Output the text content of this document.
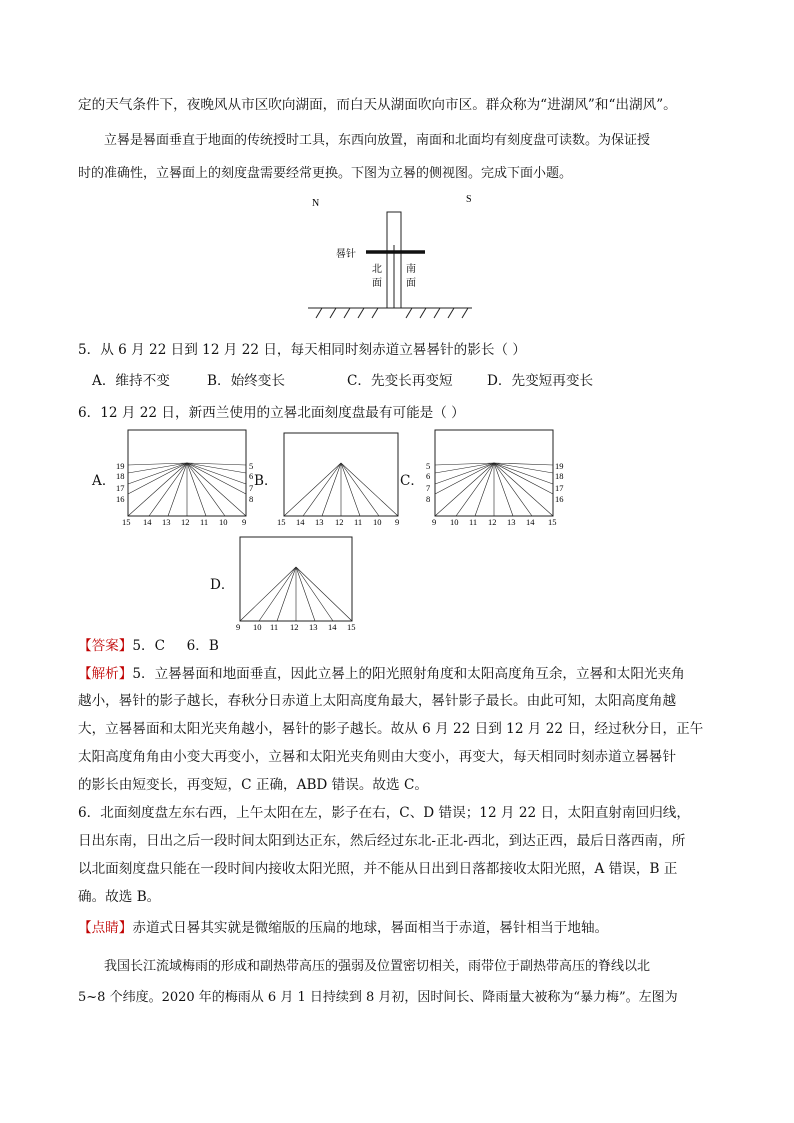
定的天气条件下，夜晚风从市区吹向湖面，而白天从湖面吹向市区。群众称为“进湖风”和“出湖风”。
立晷是晷面垂直于地面的传统授时工具，东西向放置，南面和北面均有刻度盘可读数。为保证授
时的准确性，立晷面上的刻度盘需要经常更换。下图为立晷的侧视图。完成下面小题。
N	S
晷针
北
面
南
面
5．从 6 月 22 日到 12 月 22 日，每天相同时刻赤道立晷晷针的影长（ ）
A．维持不变	B．始终变长	C．先变长再变短	D．先变短再变长
6．12 月 22 日，新西兰使用的立晷北面刻度盘最有可能是（ ）
A．
19
18
17
16
5
6
7
8
15 14 13 12 11 10 9
B．
15 14 13 12 11 10 9
C．
5
6
7
8
19
18
17
16
9 10 11 12 13 14 15
D．
9 10 11 12 13 14 15
【答案】5．C     6．B
【解析】5．立晷晷面和地面垂直，因此立晷上的阳光照射角度和太阳高度角互余，立晷和太阳光夹角
越小，晷针的影子越长，春秋分日赤道上太阳高度角最大，晷针影子最长。由此可知，太阳高度角越
大，立晷晷面和太阳光夹角越小，晷针的影子越长。故从 6 月 22 日到 12 月 22 日，经过秋分日，正午
太阳高度角角由小变大再变小，立晷和太阳光夹角则由大变小，再变大，每天相同时刻赤道立晷晷针
的影长由短变长，再变短，C 正确，ABD 错误。故选 C。
6．北面刻度盘左东右西，上午太阳在左，影子在右，C、D 错误；12 月 22 日，太阳直射南回归线，
日出东南，日出之后一段时间太阳到达正东，然后经过东北-正北-西北，到达正西，最后日落西南，所
以北面刻度盘只能在一段时间内接收太阳光照，并不能从日出到日落都接收太阳光照，A 错误，B 正
确。故选 B。
【点睛】赤道式日晷其实就是微缩版的压扁的地球，晷面相当于赤道，晷针相当于地轴。
我国长江流域梅雨的形成和副热带高压的强弱及位置密切相关，雨带位于副热带高压的脊线以北
5~8 个纬度。2020 年的梅雨从 6 月 1 日持续到 8 月初，因时间长、降雨量大被称为“暴力梅”。左图为
